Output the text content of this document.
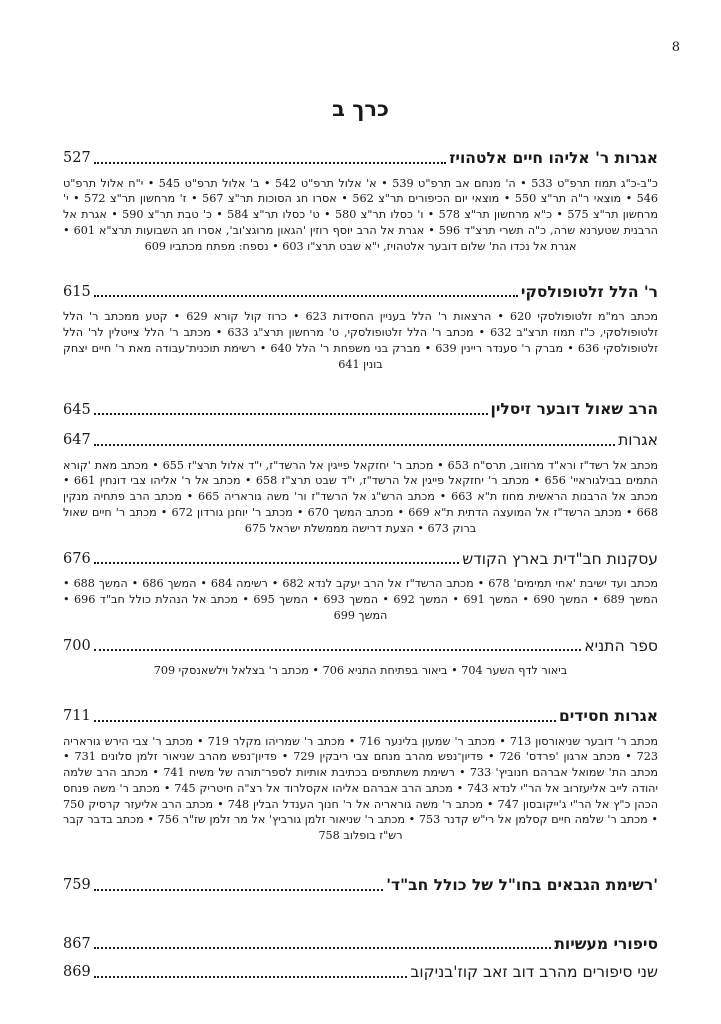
8
כרך ב
אגרות ר' אליהו חיים אלטהויז
527

כ"ב-כ"ג תמוז תרפ"ט 533 • ה' מנחם אב תרפ"ט 539 • א' אלול תרפ"ט 542 • ב' אלול תרפ"ט 545 • י"ח אלול תרפ"ט 546 • מוצאי ר"ה תר"צ 550 • מוצאי יום הכיפורים תר"צ 562 • אסרו חג הסוכות תר"צ 567 • ז' מרחשון תר"צ 572 • י' מרחשון תר"צ 575 • כ"א מרחשון תר"צ 578 • ו' כסלו תר"צ 580 • ט' כסלו תר"צ 584 • כ' טבת תר"צ 590 • אגרת אל הרבנית שטערנא שרה, כ"ה תשרי תרצ"ד 596 • אגרת אל הרב יוסף רוזין 'הגאון מרוגצ'וב', אסרו חג השבועות תרצ"א 601 • אגרת אל נכדו הת' שלום דובער אלטהויז, י"א שבט תרצ"ו 603 • נספח: מפתח מכתביו 609

ר' הלל זלטופולסקי
615

מכתב רמ"מ זלטופולסקי 620 • הרצאות ר' הלל בעניין החסידות 623 • כרוז קול קורא 629 • קטע ממכתב ר' הלל זלטופולסקי, כ"ז תמוז תרצ"ב 632 • מכתב ר' הלל זלטופולסקי, ט' מרחשון תרצ"ג 633 • מכתב ר' הלל צייטלין לר' הלל זלטופולסקי 636 • מברק ר' סענדר ריינין 639 • מברק בני משפחת ר' הלל 640 • רשימת תוכנית־עבודה מאת ר' חיים יצחק בונין 641

הרב שאול דובער זיסלין
645
אגרות
647

מכתב אל רשד"ז ורא"ד מרוזוב, תרס"ח 653 • מכתב ר' יחזקאל פייגין אל הרשד"ז, י"ד אלול תרצ"ז 655 • מכתב מאת 'קורא התמים בבילגוראיי' 656 • מכתב ר' יחזקאל פייגין אל הרשד"ז, י"ד שבט תרצ"ז 658 • מכתב אל ר' אליהו צבי דונחין 661 • מכתב אל הרבנות הראשית מחוז ת"א 663 • מכתב הרש"ג אל הרשד"ז ור' משה גוראריה 665 • מכתב הרב פתחיה מנקין 668 • מכתב הרשד"ז אל המועצה הדתית ת"א 669 • מכתב המשך 670 • מכתב ר' יוחנן גורדון 672 • מכתב ר' חיים שאול ברוק 673 • הצעת דרישה מממשלת ישראל 675

עסקנות חב"דית בארץ הקודש
676

מכתב ועד ישיבת 'אחי תמימים' 678 • מכתב הרשד"ז אל הרב יעקב לנדא 682 • רשימה 684 • המשך 686 • המשך 688 • המשך 689 • המשך 690 • המשך 691 • המשך 692 • המשך 693 • המשך 695 • מכתב אל הנהלת כולל חב"ד 696 • המשך 699

ספר התניא
700

ביאור לדף השער 704 • ביאור בפתיחת התניא 706 • מכתב ר' בצלאל וילשאנסקי 709

אגרות חסידים
711

מכתב ר' דובער שניאורסון 713 • מכתב ר' שמעון בלינער 716 • מכתב ר' שמריהו מקלר 719 • מכתב ר' צבי הירש גוראריה 723 • מכתב ארגון 'פרדס' 726 • פדיון־נפש מהרב מנחם צבי ריבקין 729 • פדיון־נפש מהרב שניאור זלמן סלונים 731 • מכתב הת' שמואל אברהם חנוביץ' 733 • רשימת משתתפים בכתיבת אותיות לספר־תורה של משיח 741 • מכתב הרב שלמה יהודה לייב אליעזרוב אל הר"י לנדא 743 • מכתב הרב אברהם אליהו אקסלרוד אל רצ"ה חיטריק 745 • מכתב ר' משה פנחס הכהן כ"ץ אל הר"י ג'ייקובסון 747 • מכתב ר' משה גוראריה אל ר' חנוך הענדל הבלין 748 • מכתב הרב אליעזר קרסיק 750 • מכתב ר' שלמה חיים קסלמן אל רי"ש קדנר 753 • מכתב ר' שניאור זלמן גורביץ' אל מר זלמן שז"ר 756 • מכתב בדבר קבר רש"ז בופלוב 758

'רשימת הגבאים בחו"ל של כולל חב"ד'
759
סיפורי מעשיות
867
שני סיפורים מהרב דוב זאב קוז'בניקוב
869
